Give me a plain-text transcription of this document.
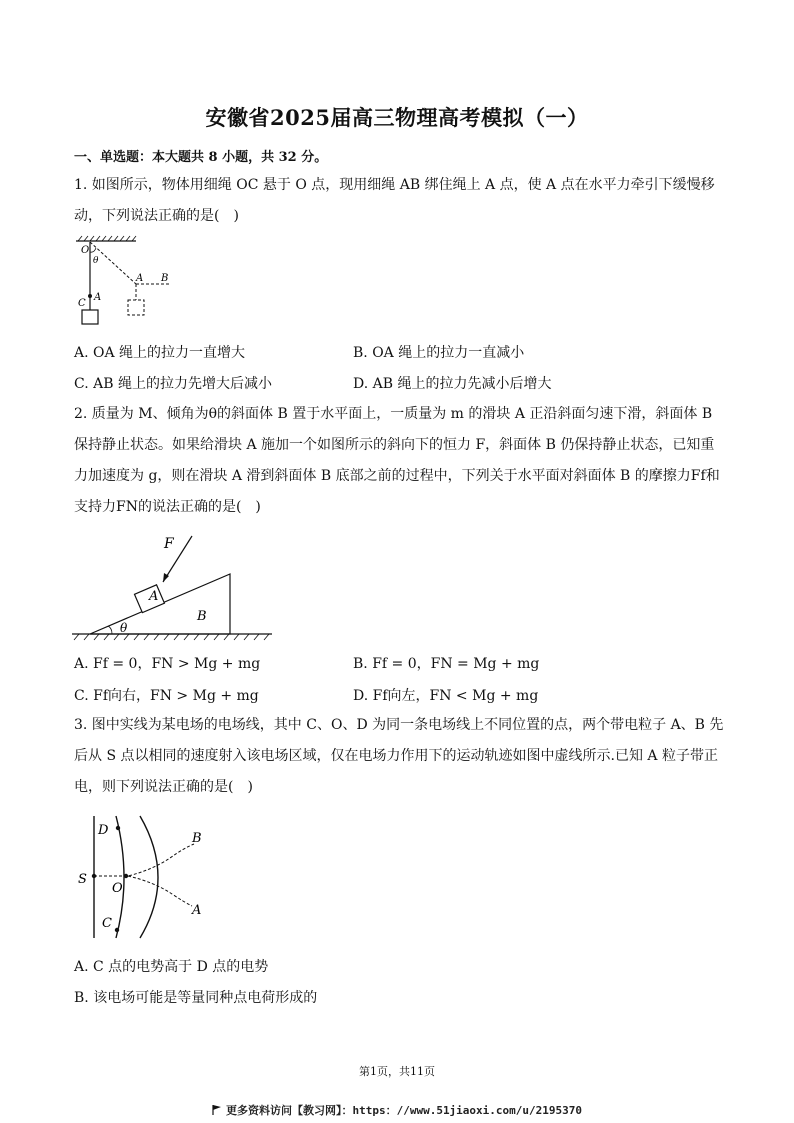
安徽省2025届高三物理高考模拟（一）
一、单选题：本大题共 8 小题，共 32 分。

1. 如图所示，物体用细绳 OC 悬于 O 点，现用细绳 AB 绑住绳上 A 点，使 A 点在水平力牵引下缓慢移动，下列说法正确的是(　)

O
θ
A B
C
A
A. OA 绳上的拉力一直增大	B. OA 绳上的拉力一直减小
C. AB 绳上的拉力先增大后减小	D. AB 绳上的拉力先减小后增大

2. 质量为 M、倾角为θ的斜面体 B 置于水平面上，一质量为 m 的滑块 A 正沿斜面匀速下滑，斜面体 B 保持静止状态。如果给滑块 A 施加一个如图所示的斜向下的恒力 F，斜面体 B 仍保持静止状态，已知重力加速度为 g，则在滑块 A 滑到斜面体 B 底部之前的过程中，下列关于水平面对斜面体 B 的摩擦力Ff和支持力FN的说法正确的是(　)

F
A
B
θ
A. Ff = 0，FN > Mg + mg	B. Ff = 0，FN = Mg + mg
C. Ff向右，FN > Mg + mg	D. Ff向左，FN < Mg + mg

3. 图中实线为某电场的电场线，其中 C、O、D 为同一条电场线上不同位置的点，两个带电粒子 A、B 先后从 S 点以相同的速度射入该电场区域，仅在电场力作用下的运动轨迹如图中虚线所示.已知 A 粒子带正电，则下列说法正确的是(　)

D
S
O
C
B
A
A. C 点的电势高于 D 点的电势
B. 该电场可能是等量同种点电荷形成的
第1页，共11页
更多资料访问【教习网】：https：//www.51jiaoxi.com/u/2195370
